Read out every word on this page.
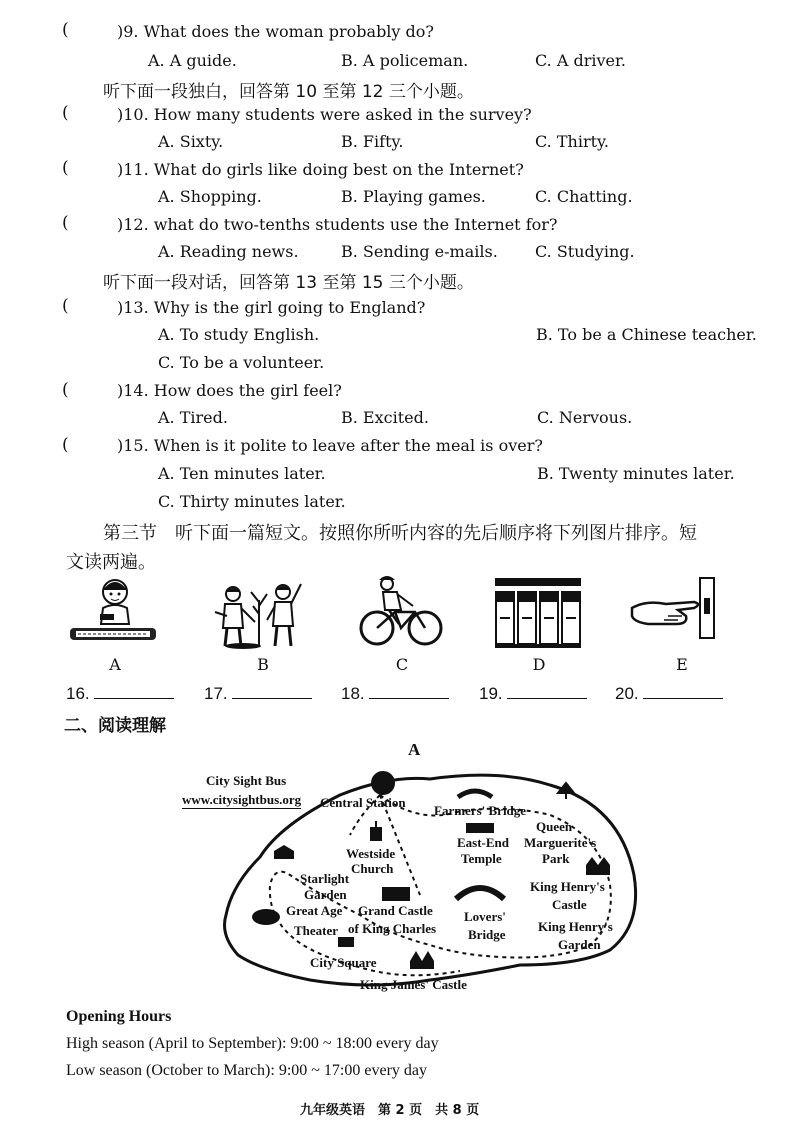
(	)9. What does the woman probably do?
A. A guide.	B. A policeman.	C. A driver.
听下面一段独白，回答第 10 至第 12 三个小题。
(	)10. How many students were asked in the survey?
A. Sixty.	B. Fifty.	C. Thirty.
(	)11. What do girls like doing best on the Internet?
A. Shopping.	B. Playing games.	C. Chatting.
(	)12. what do two-tenths students use the Internet for?
A. Reading news.	B. Sending e-mails. C. Studying.
听下面一段对话，回答第 13 至第 15 三个小题。
(	)13. Why is the girl going to England?
A. To study English.	B. To be a Chinese teacher.
C. To be a volunteer.
(	)14. How does the girl feel?
A. Tired.	B. Excited.	C. Nervous.
(	)15. When is it polite to leave after the meal is over?
A. Ten minutes later.	B. Twenty minutes later.
C. Thirty minutes later.
第三节　听下面一篇短文。按照你所听内容的先后顺序将下列图片排序。短
文读两遍。
A	B	C	D	E
16.	17.	18.	19.	20.
二、阅读理解
A
Central Station
Farmers' Bridge
Queen
Marguerite's
Park
East-End
Temple
Westside
Church
Starlight
Garden
Great Age
Theater
Grand Castle
of King Charles
Lovers'
Bridge
King Henry's
Castle
King Henry's
Garden
City Square
King James' Castle
City Sight Bus
www.citysightbus.org
Opening Hours
High season (April to September): 9:00 ~ 18:00 every day
Low season (October to March): 9:00 ~ 17:00 every day
九年级英语　第 2 页　共 8 页
